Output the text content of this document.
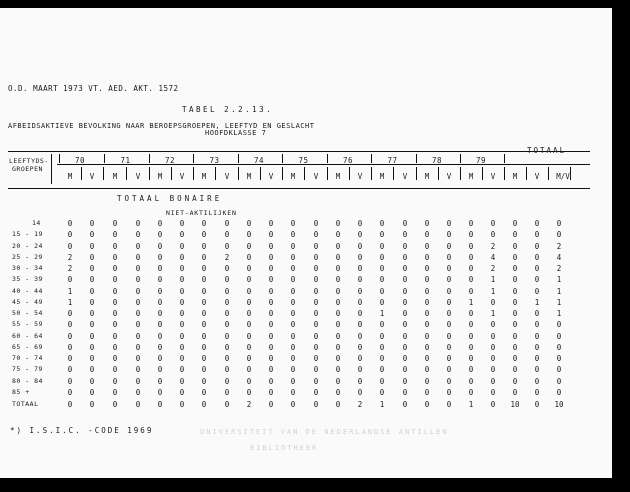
O.D. MAART 1973 VT. AED. AKT. 1572
TABEL 2.2.13.
AFBEIDSAKTIEVE BEVOLKING NAAR BEROEPSGROEPEN, LEEFTYD EN GESLACHT
HOOFDKLASSE 7
LEEFTYDS-
GROEPEN
70	71	72	73	74	75	76	77	78	79
TOTAAL
M	V	M	V	M	V	M	V	M	V	M	V	M	V	M	V	M	V	M	V	M	V	M/V
TOTAAL BONAIRE
NIET-AKTILIJKEN
14	0	0	0	0	0	0	0	0	0	0	0	0	0	0	0	0	0	0	0	0	0	0	0
15 - 19	0	0	0	0	0	0	0	0	0	0	0	0	0	0	0	0	0	0	0	0	0	0	0
20 - 24	0	0	0	0	0	0	0	0	0	0	0	0	0	0	0	0	0	0	0	2	0	0	2
25 - 29	2	0	0	0	0	0	0	2	0	0	0	0	0	0	0	0	0	0	0	4	0	0	4
30 - 34	2	0	0	0	0	0	0	0	0	0	0	0	0	0	0	0	0	0	0	2	0	0	2
35 - 39	0	0	0	0	0	0	0	0	0	0	0	0	0	0	0	0	0	0	0	1	0	0	1
40 - 44	1	0	0	0	0	0	0	0	0	0	0	0	0	0	0	0	0	0	0	1	0	0	1
45 - 49	1	0	0	0	0	0	0	0	0	0	0	0	0	0	0	0	0	0	1	0	0	1	1
50 - 54	0	0	0	0	0	0	0	0	0	0	0	0	0	0	1	0	0	0	0	1	0	0	1
55 - 59	0	0	0	0	0	0	0	0	0	0	0	0	0	0	0	0	0	0	0	0	0	0	0
60 - 64	0	0	0	0	0	0	0	0	0	0	0	0	0	0	0	0	0	0	0	0	0	0	0
65 - 69	0	0	0	0	0	0	0	0	0	0	0	0	0	0	0	0	0	0	0	0	0	0	0
70 - 74	0	0	0	0	0	0	0	0	0	0	0	0	0	0	0	0	0	0	0	0	0	0	0
75 - 79	0	0	0	0	0	0	0	0	0	0	0	0	0	0	0	0	0	0	0	0	0	0	0
80 - 84	0	0	0	0	0	0	0	0	0	0	0	0	0	0	0	0	0	0	0	0	0	0	0
85 +	0	0	0	0	0	0	0	0	0	0	0	0	0	0	0	0	0	0	0	0	0	0	0
TOTAAL	0	0	0	0	0	0	0	0	2	0	0	0	0	2	1	0	0	0	1	0	10	0	10
*) I.S.I.C. -CODE 1969	UNIVERSITEIT VAN DE NEDERLANDSE ANTILLEN
BIBLIOTHEEK
